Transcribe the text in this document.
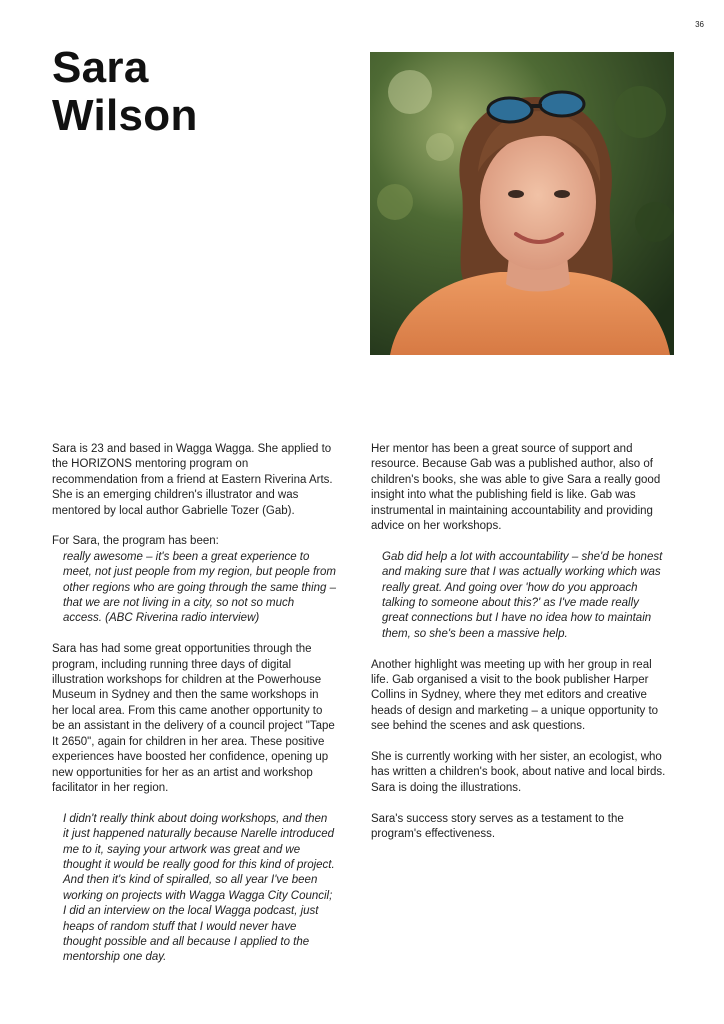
36
Sara
Wilson

Sara is 23 and based in Wagga Wagga. She applied to the HORIZONS mentoring program on recommendation from a friend at Eastern Riverina Arts. She is an emerging children's illustrator and was mentored by local author Gabrielle Tozer (Gab).

For Sara, the program has been:

really awesome – it's been a great experience to meet, not just people from my region, but people from other regions who are going through the same thing – that we are not living in a city, so not so much access. (ABC Riverina radio interview)

Sara has had some great opportunities through the program, including running three days of digital illustration workshops for children at the Powerhouse Museum in Sydney and then the same workshops in her local area. From this came another opportunity to be an assistant in the delivery of a council project "Tape It 2650", again for children in her area. These positive experiences have boosted her confidence, opening up new opportunities for her as an artist and workshop facilitator in her region.

I didn't really think about doing workshops, and then it just happened naturally because Narelle introduced me to it, saying your artwork was great and we thought it would be really good for this kind of project. And then it's kind of spiralled, so all year I've been working on projects with Wagga Wagga City Council; I did an interview on the local Wagga podcast, just heaps of random stuff that I would never have thought possible and all because I applied to the mentorship one day.

Her mentor has been a great source of support and resource. Because Gab was a published author, also of children's books, she was able to give Sara a really good insight into what the publishing field is like. Gab was instrumental in maintaining accountability and providing advice on her workshops.

Gab did help a lot with accountability – she'd be honest and making sure that I was actually working which was really great. And going over 'how do you approach talking to someone about this?' as I've made really great connections but I have no idea how to maintain them, so she's been a massive help.

Another highlight was meeting up with her group in real life. Gab organised a visit to the book publisher Harper Collins in Sydney, where they met editors and creative heads of design and marketing – a unique opportunity to see behind the scenes and ask questions.

She is currently working with her sister, an ecologist, who has written a children's book, about native and local birds. Sara is doing the illustrations.

Sara's success story serves as a testament to the program's effectiveness.
